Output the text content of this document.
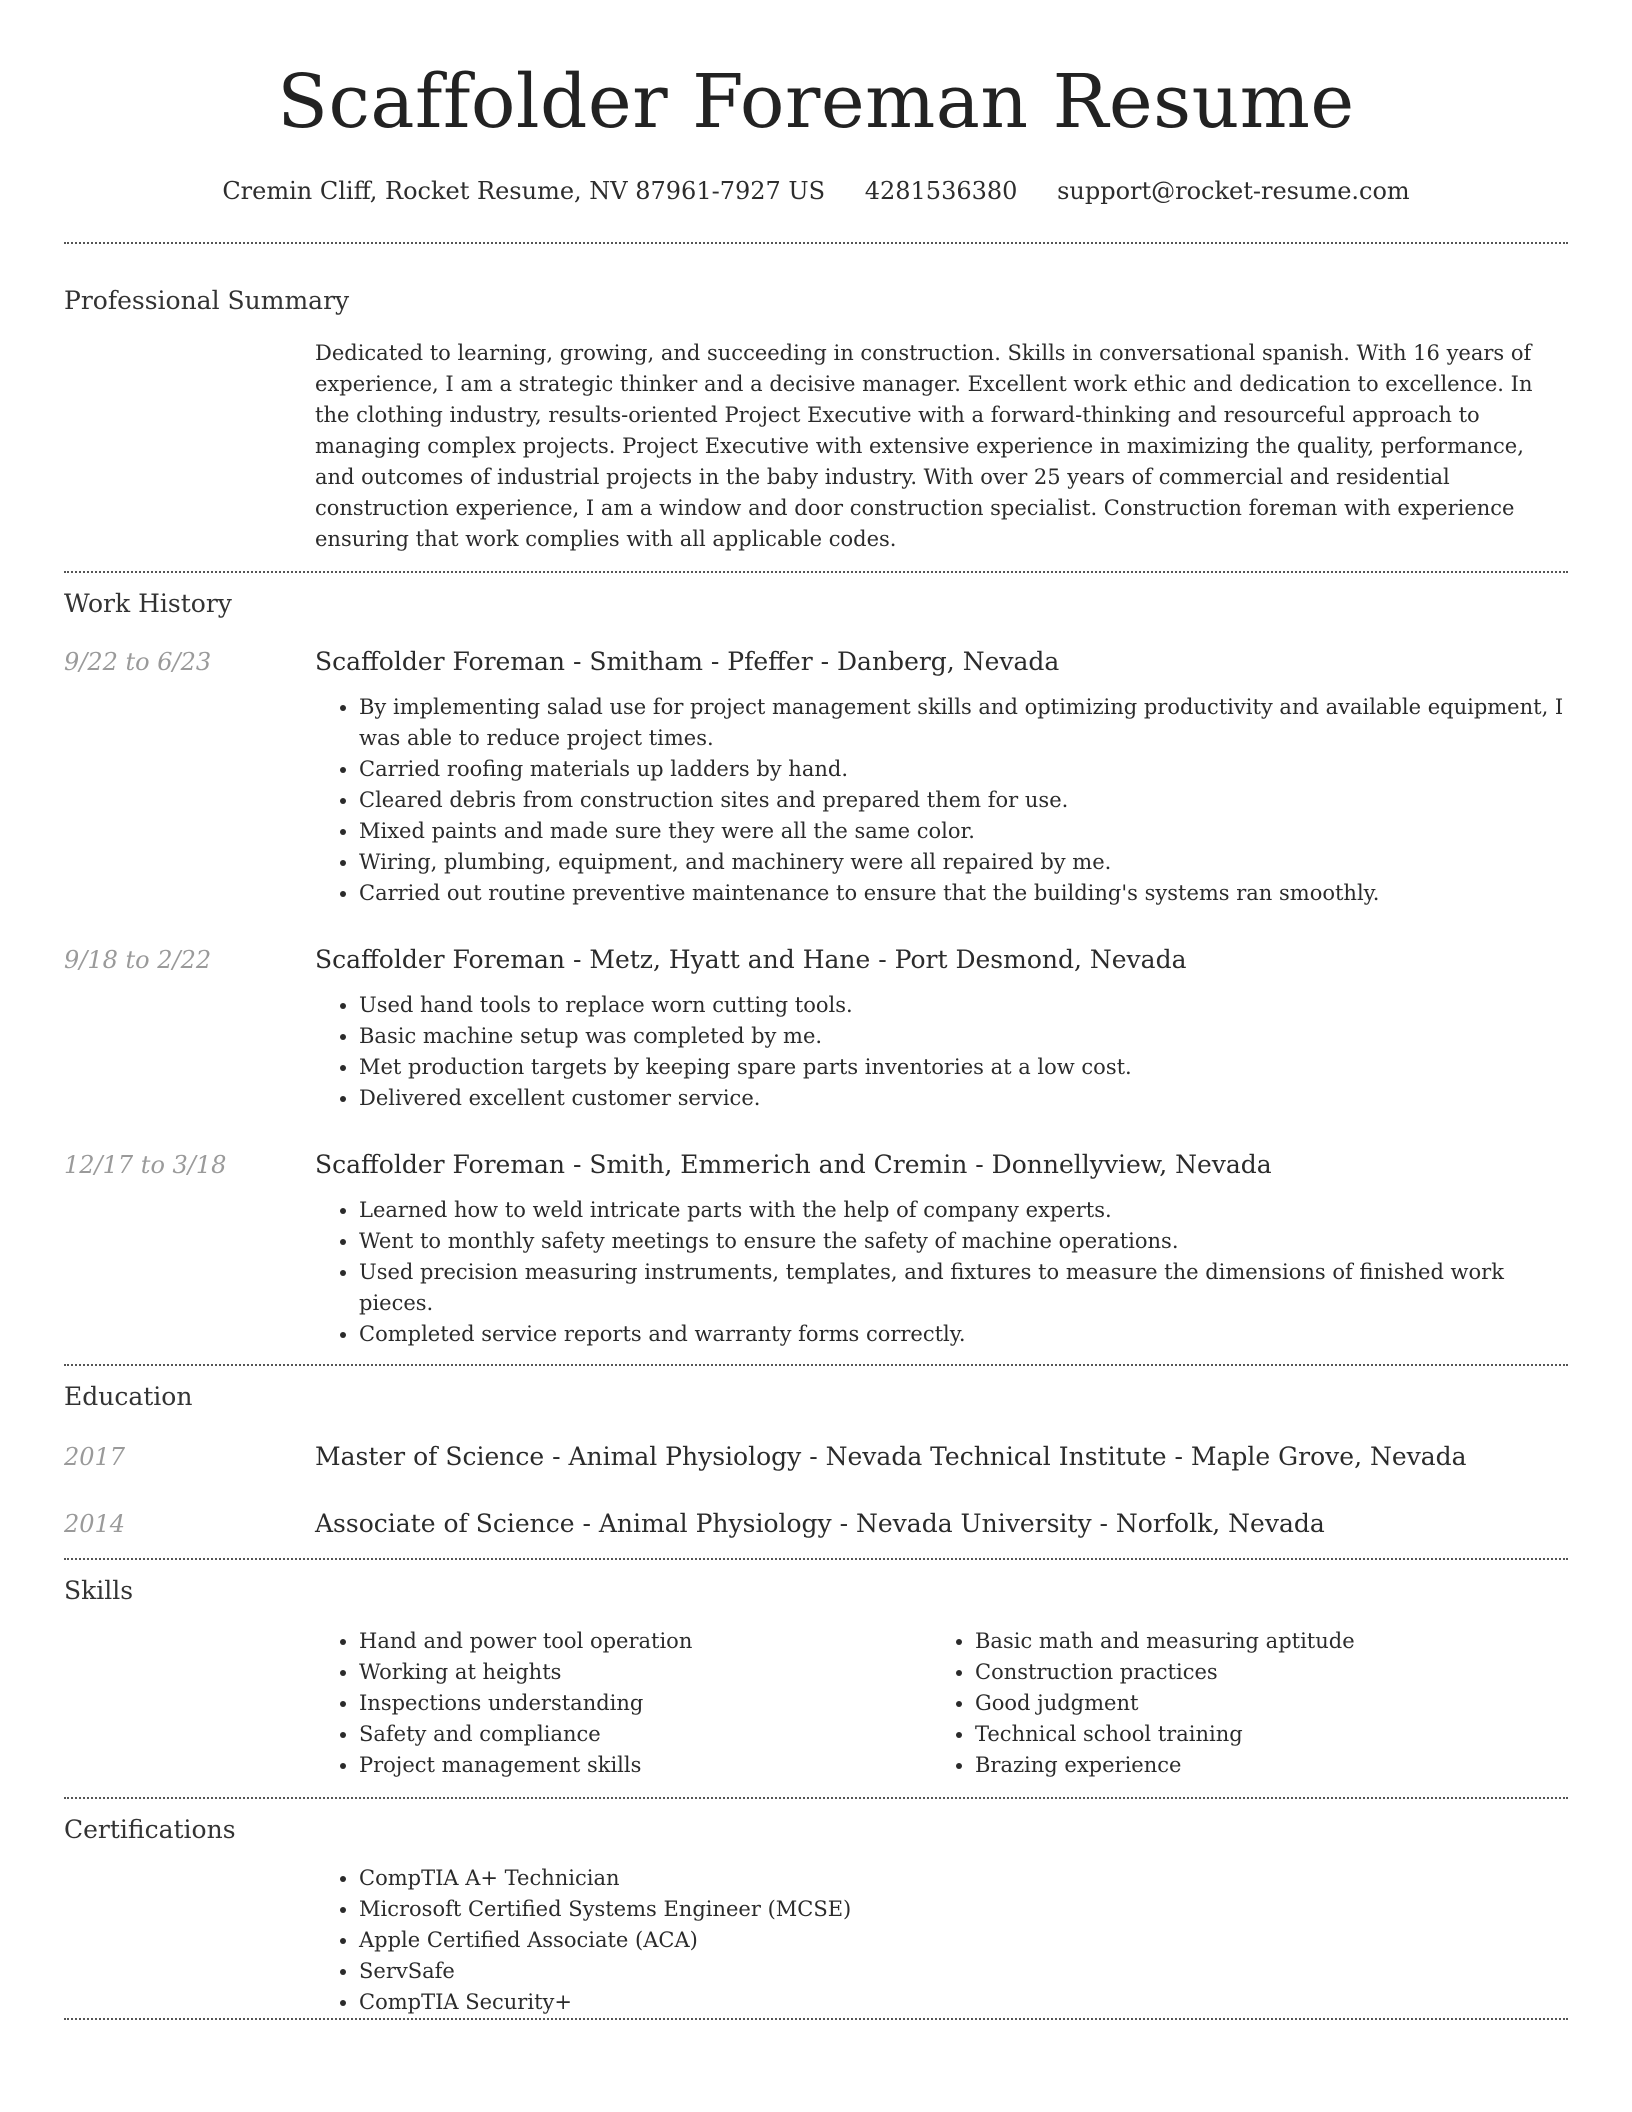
Scaffolder Foreman Resume
Cremin Cliff, Rocket Resume, NV 87961-7927 US 4281536380 support@rocket-resume.com
Professional Summary

Dedicated to learning, growing, and succeeding in construction. Skills in conversational spanish. With 16 years of experience, I am a strategic thinker and a decisive manager. Excellent work ethic and dedication to excellence. In the clothing industry, results-oriented Project Executive with a forward-thinking and resourceful approach to managing complex projects. Project Executive with extensive experience in maximizing the quality, performance, and outcomes of industrial projects in the baby industry. With over 25 years of commercial and residential construction experience, I am a window and door construction specialist. Construction foreman with experience ensuring that work complies with all applicable codes.

Work History
9/22 to 6/23	Scaffolder Foreman - Smitham - Pfeffer - Danberg, Nevada
• By implementing salad use for project management skills and optimizing productivity and available equipment, I was able to reduce project times.
• Carried roofing materials up ladders by hand.
• Cleared debris from construction sites and prepared them for use.
• Mixed paints and made sure they were all the same color.
• Wiring, plumbing, equipment, and machinery were all repaired by me.
• Carried out routine preventive maintenance to ensure that the building's systems ran smoothly.
9/18 to 2/22	Scaffolder Foreman - Metz, Hyatt and Hane - Port Desmond, Nevada
• Used hand tools to replace worn cutting tools.
• Basic machine setup was completed by me.
• Met production targets by keeping spare parts inventories at a low cost.
• Delivered excellent customer service.
12/17 to 3/18	Scaffolder Foreman - Smith, Emmerich and Cremin - Donnellyview, Nevada
• Learned how to weld intricate parts with the help of company experts.
• Went to monthly safety meetings to ensure the safety of machine operations.
• Used precision measuring instruments, templates, and fixtures to measure the dimensions of finished work pieces.
• Completed service reports and warranty forms correctly.
Education
2017	Master of Science - Animal Physiology - Nevada Technical Institute - Maple Grove, Nevada
2014	Associate of Science - Animal Physiology - Nevada University - Norfolk, Nevada
Skills
• Hand and power tool operation
• Working at heights
• Inspections understanding
• Safety and compliance
• Project management skills
• Basic math and measuring aptitude
• Construction practices
• Good judgment
• Technical school training
• Brazing experience
Certifications
• CompTIA A+ Technician
• Microsoft Certified Systems Engineer (MCSE)
• Apple Certified Associate (ACA)
• ServSafe
• CompTIA Security+
